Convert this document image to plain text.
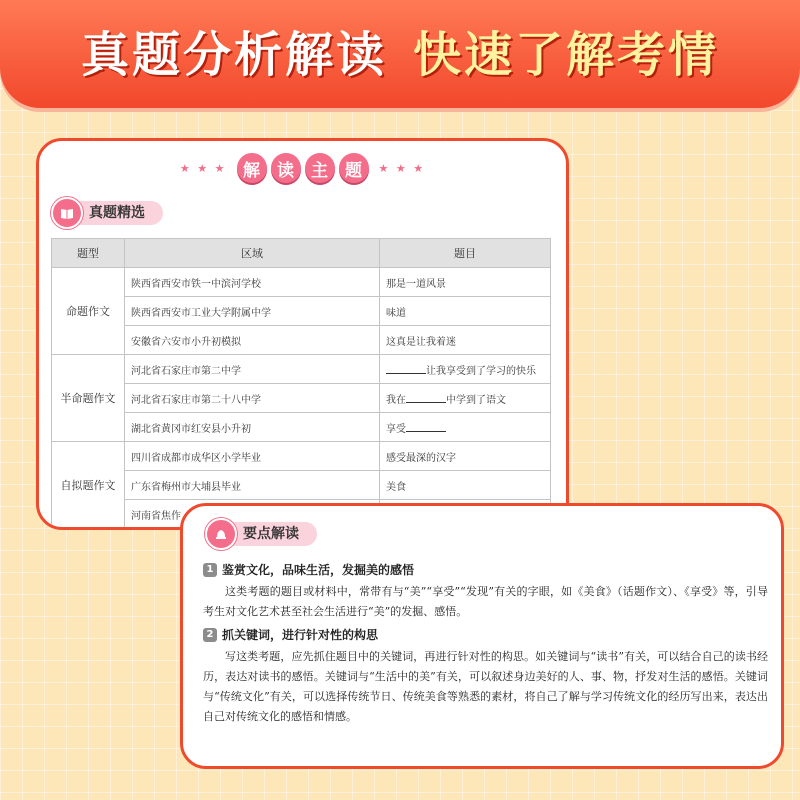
真题分析解读 快速了解考情
★ ★ ★ 解	读	主	题	★ ★ ★
真题精选
题型	区域	题目
命题作文	陕西省西安市铁一中滨河学校	那是一道风景
	陕西省西安市工业大学附属中学	味道
	安徽省六安市小升初模拟	这真是让我着迷
半命题作文	河北省石家庄市第二中学	让我享受到了学习的快乐
	河北省石家庄市第二十八中学	我在 中学到了语文
	湖北省黄冈市红安县小升初	享受
自拟题作文	四川省成都市成华区小学毕业	感受最深的汉字
	广东省梅州市大埔县毕业	美食
	河南省焦作	
要点解读
1 鉴赏文化，品味生活，发掘美的感悟
这类考题的题目或材料中，常带有与“美”“享受”“发现”有关的字眼，如《美食》（话题作文）、《享受》等，引导考生对文化艺术甚至社会生活进行“美”的发掘、感悟。
2 抓关键词，进行针对性的构思
写这类考题，应先抓住题目中的关键词，再进行针对性的构思。如关键词与“读书”有关，可以结合自己的读书经历，表达对读书的感悟。关键词与“生活中的美”有关，可以叙述身边美好的人、事、物，抒发对生活的感悟。关键词与“传统文化”有关，可以选择传统节日、传统美食等熟悉的素材，将自己了解与学习传统文化的经历写出来，表达出自己对传统文化的感悟和情感。
